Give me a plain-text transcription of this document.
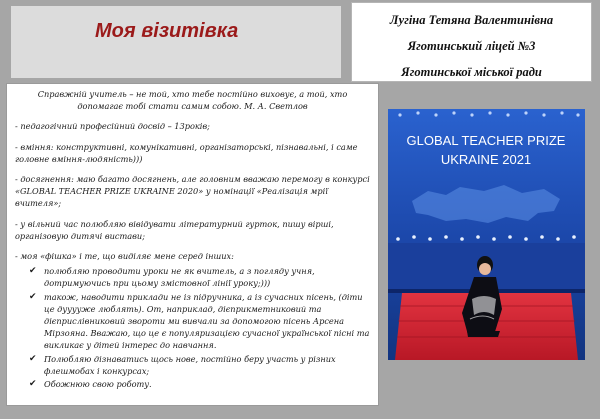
Моя візитівка	Лугіна Тетяна Валентинівна
Яготинський ліцей №3
Яготинської міської ради

Справжній учитель – не той, хто тебе постійно виховує, а той, хто допомагає тобі стати самим собою. М. А. Светлов

- педагогічний професійний досвід – 13років;

- вміння: конструктивні, комунікативні, організаторські, пізнавальні, і саме головне вміння-людяність)))

- досягнення: маю багато досягнень, але головним вважаю перемогу в конкурсі «GLOBAL TEACHER PRIZE UKRAINE 2020» у номінації «Реалізація мрії вчителя»;

- у вільний час полюбляю вівідувати літературний гурток, пишу вірші, організовую дитячі вистави;

- моя «фішка» і те, що виділяє мене серед інших:

✔ полюбляю проводити уроки не як вчитель, а з погляду учня, дотримуючись при цьому змістовної лінії уроку;)))
✔ також, наводити приклади не із підручника, а із сучасних пісень, (діти це дууууже люблять). От, наприклад, дієприкметниковий та дієприслівниковий звороти ми вивчали за допомогою пісень Арсена Мірзояна. Вважаю, що це є популяризацією сучасної української пісні та викликає у дітей інтерес до навчання.
✔ Полюбляю дізнаватись щось нове, постійно беру участь у різних флешмобах і конкурсах;
✔ Обожнюю свою роботу.
GLOBAL TEACHER PRIZE
UKRAINE 2021
